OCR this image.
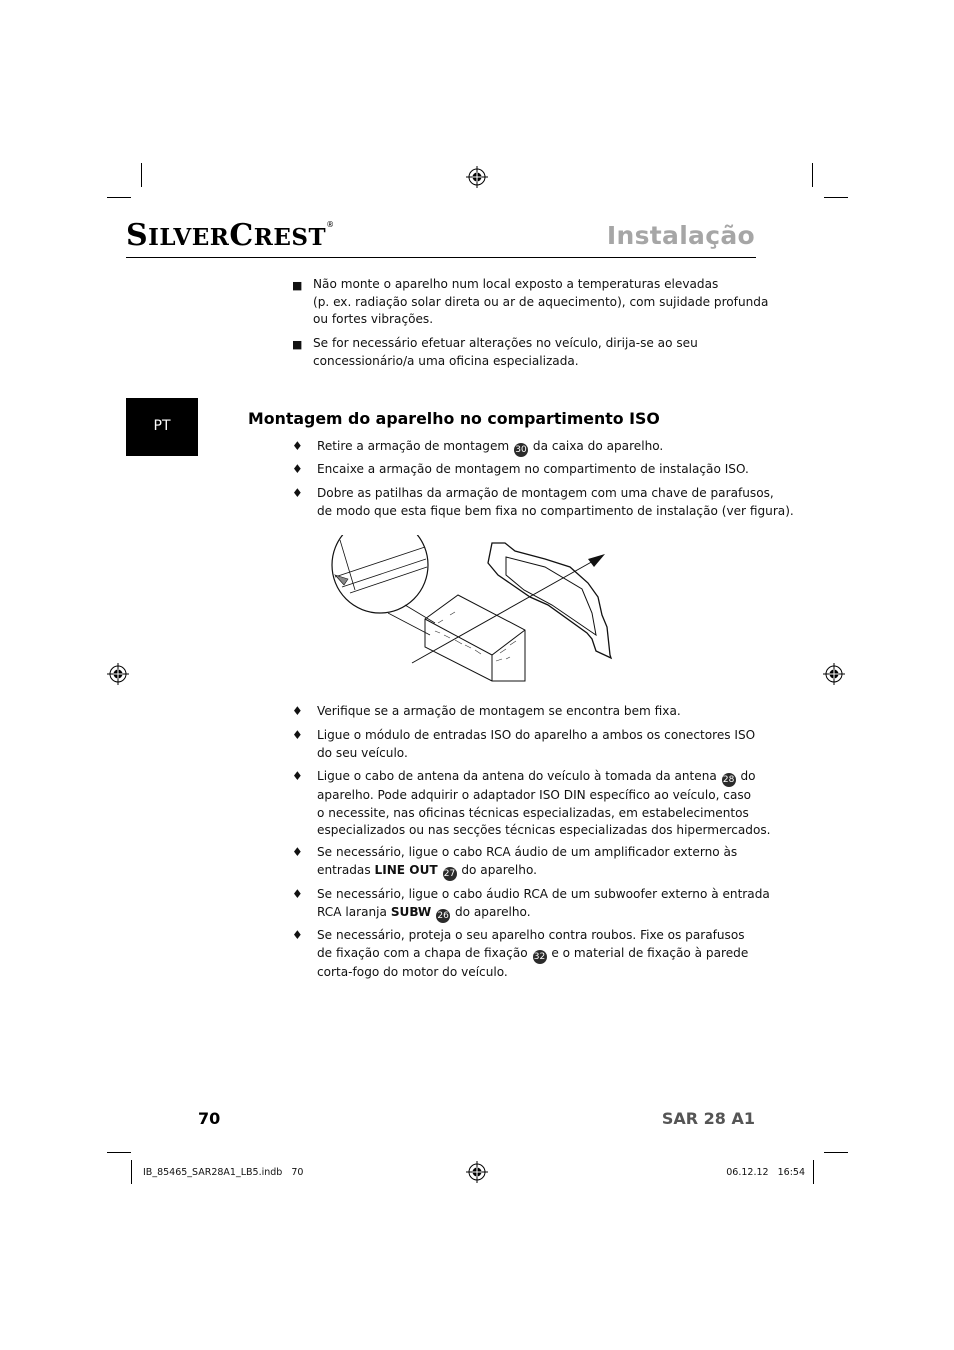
SILVERCREST®	Instalação
PT
■ Não monte o aparelho num local exposto a temperaturas elevadas
(p. ex. radiação solar direta ou ar de aquecimento), com sujidade profunda
ou fortes vibrações.
■ Se for necessário efetuar alterações no veículo, dirija-se ao seu
concessionário/a uma oficina especializada.
Montagem do aparelho no compartimento ISO
♦ Retire a armação de montagem 30 da caixa do aparelho.
♦ Encaixe a armação de montagem no compartimento de instalação ISO.
♦ Dobre as patilhas da armação de montagem com uma chave de parafusos,
de modo que esta fique bem fixa no compartimento de instalação (ver figura).
♦ Verifique se a armação de montagem se encontra bem fixa.
♦ Ligue o módulo de entradas ISO do aparelho a ambos os conectores ISO
do seu veículo.
♦ Ligue o cabo de antena da antena do veículo à tomada da antena 28 do
aparelho. Pode adquirir o adaptador ISO DIN específico ao veículo, caso
o necessite, nas oficinas técnicas especializadas, em estabelecimentos
especializados ou nas secções técnicas especializadas dos hipermercados.
♦ Se necessário, ligue o cabo RCA áudio de um amplificador externo às
entradas LINE OUT 27 do aparelho.
♦ Se necessário, ligue o cabo áudio RCA de um subwoofer externo à entrada
RCA laranja SUBW 26 do aparelho.
♦ Se necessário, proteja o seu aparelho contra roubos. Fixe os parafusos
de fixação com a chapa de fixação 32 e o material de fixação à parede
corta-fogo do motor do veículo.
70	SAR 28 A1
IB_85465_SAR28A1_LB5.indb   70	06.12.12   16:54
